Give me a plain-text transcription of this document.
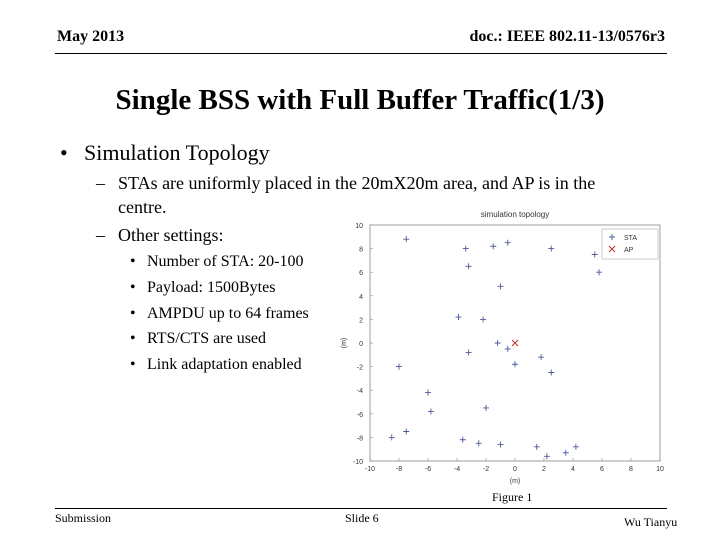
May 2013	doc.: IEEE 802.11-13/0576r3
Single BSS with Full Buffer Traffic(1/3)
• Simulation Topology
– STAs are uniformly placed in the 20mX20m area, and AP is in the
centre.
– Other settings:
• Number of STA: 20-100
• Payload: 1500Bytes
• AMPDU up to 64 frames
• RTS/CTS are used
• Link adaptation enabled
simulation topology
-10	-8	-6	-4	-2	0	2	4	6	8	10
-10
-8
-6
-4
-2
0
2
4
6
8
10
(m)
(m)
STA
AP
Figure 1
Submission	Slide 6	Wu Tianyu
